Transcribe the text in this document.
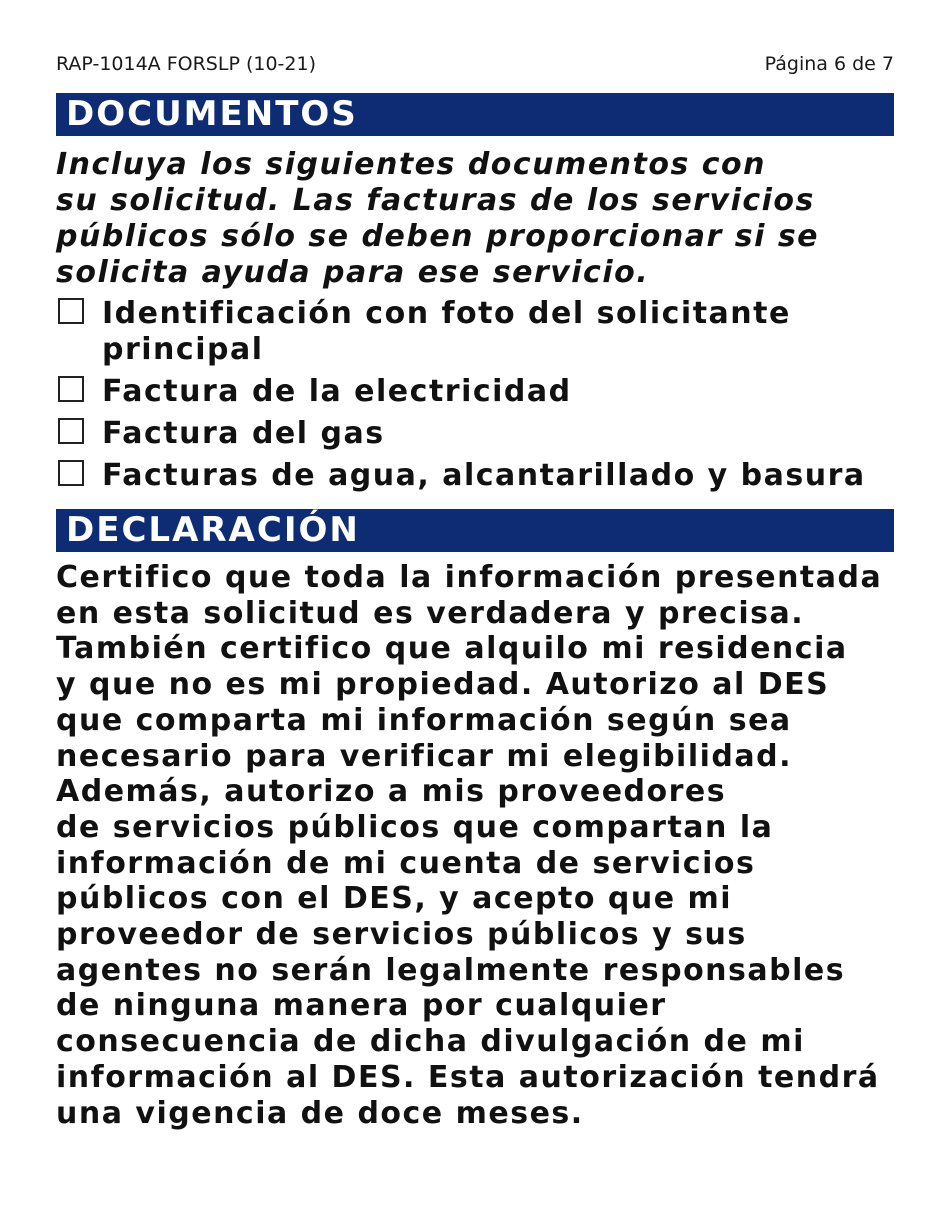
RAP-1014A FORSLP (10-21)	Página 6 de 7
DOCUMENTOS

Incluya los siguientes documentos con
su solicitud. Las facturas de los servicios
públicos sólo se deben proporcionar si se
solicita ayuda para ese servicio.

Identificación con foto del solicitante
principal
Factura de la electricidad
Factura del gas
Facturas de agua, alcantarillado y basura
DECLARACIÓN

Certifico que toda la información presentada
en esta solicitud es verdadera y precisa.
También certifico que alquilo mi residencia
y que no es mi propiedad. Autorizo al DES
que comparta mi información según sea
necesario para verificar mi elegibilidad.
Además, autorizo a mis proveedores
de servicios públicos que compartan la
información de mi cuenta de servicios
públicos con el DES, y acepto que mi
proveedor de servicios públicos y sus
agentes no serán legalmente responsables
de ninguna manera por cualquier
consecuencia de dicha divulgación de mi
información al DES. Esta autorización tendrá
una vigencia de doce meses.
